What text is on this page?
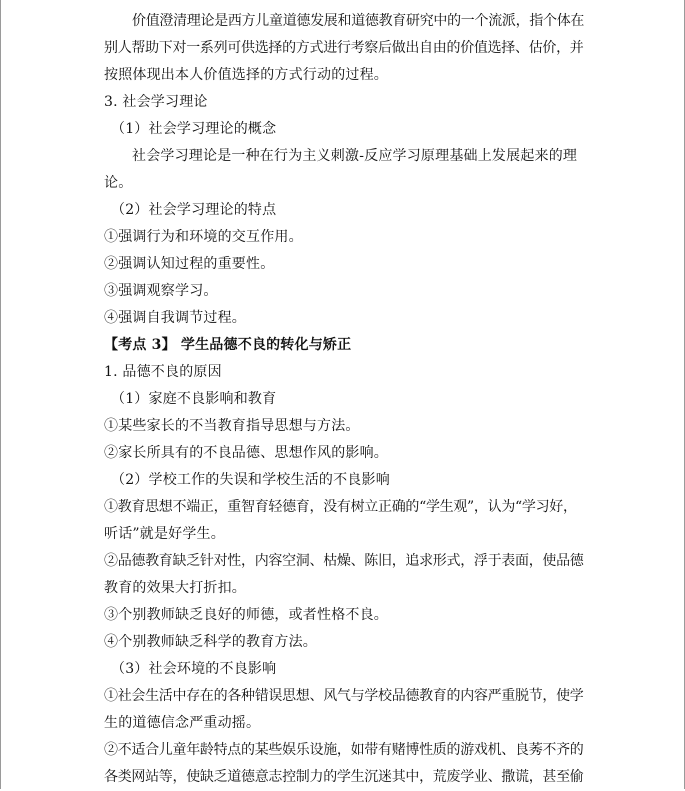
价值澄清理论是西方儿童道德发展和道德教育研究中的一个流派，指个体在
别人帮助下对一系列可供选择的方式进行考察后做出自由的价值选择、估价，并
按照体现出本人价值选择的方式行动的过程。
3. 社会学习理论
（1）社会学习理论的概念
社会学习理论是一种在行为主义刺激-反应学习原理基础上发展起来的理
论。
（2）社会学习理论的特点
①强调行为和环境的交互作用。
②强调认知过程的重要性。
③强调观察学习。
④强调自我调节过程。
【考点 3】 学生品德不良的转化与矫正
1. 品德不良的原因
（1）家庭不良影响和教育
①某些家长的不当教育指导思想与方法。
②家长所具有的不良品德、思想作风的影响。
（2）学校工作的失误和学校生活的不良影响
①教育思想不端正，重智育轻德育，没有树立正确的“学生观”，认为“学习好，
听话”就是好学生。
②品德教育缺乏针对性，内容空洞、枯燥、陈旧，追求形式，浮于表面，使品德
教育的效果大打折扣。
③个别教师缺乏良好的师德，或者性格不良。
④个别教师缺乏科学的教育方法。
（3）社会环境的不良影响
①社会生活中存在的各种错误思想、风气与学校品德教育的内容严重脱节，使学
生的道德信念严重动摇。
②不适合儿童年龄特点的某些娱乐设施，如带有赌博性质的游戏机、良莠不齐的
各类网站等，使缺乏道德意志控制力的学生沉迷其中，荒废学业、撒谎，甚至偷
